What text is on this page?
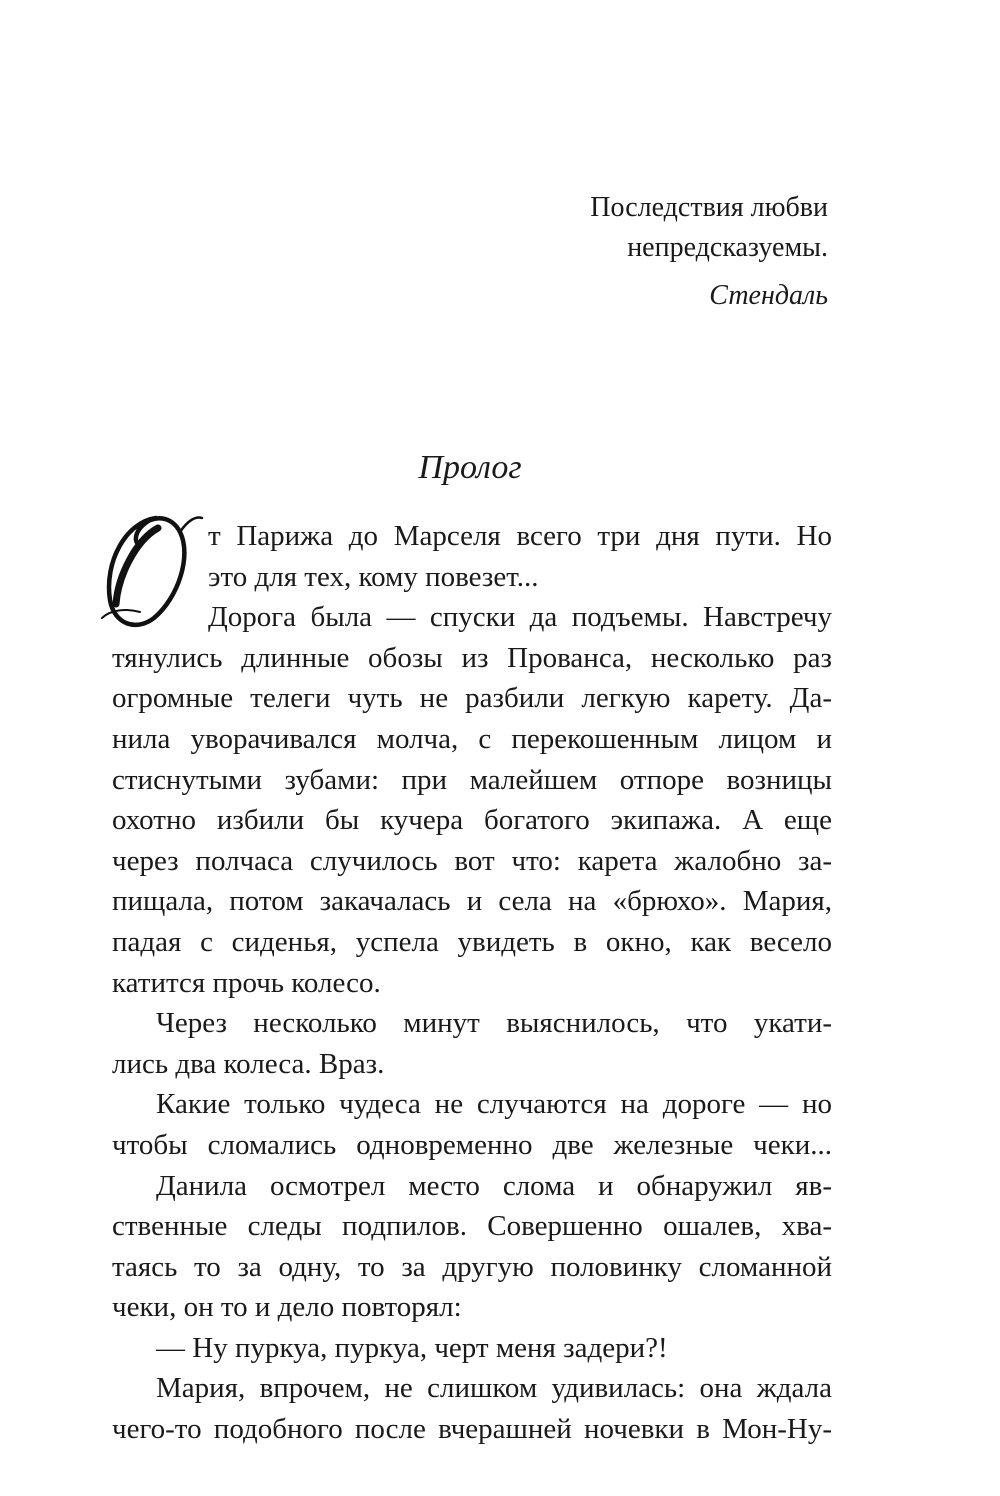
Последствия любви
непредсказуемы.
Стендаль
Пролог
т Парижа до Марселя всего три дня пути. Но
это для тех, кому повезет...
Дорога была — спуски да подъемы. Навстречу
тянулись длинные обозы из Прованса, несколько раз
огромные телеги чуть не разбили легкую карету. Да-
нила уворачивался молча, с перекошенным лицом и
стиснутыми зубами: при малейшем отпоре возницы
охотно избили бы кучера богатого экипажа. А еще
через полчаса случилось вот что: карета жалобно за-
пищала, потом закачалась и села на «брюхо». Мария,
падая с сиденья, успела увидеть в окно, как весело
катится прочь колесо.
Через несколько минут выяснилось, что укати-
лись два колеса. Враз.
Какие только чудеса не случаются на дороге — но
чтобы сломались одновременно две железные чеки...
Данила осмотрел место слома и обнаружил яв-
ственные следы подпилов. Совершенно ошалев, хва-
таясь то за одну, то за другую половинку сломанной
чеки, он то и дело повторял:
— Ну пуркуа, пуркуа, черт меня задери?!
Мария, впрочем, не слишком удивилась: она ждала
чего-то подобного после вчерашней ночевки в Мон-Ну-
